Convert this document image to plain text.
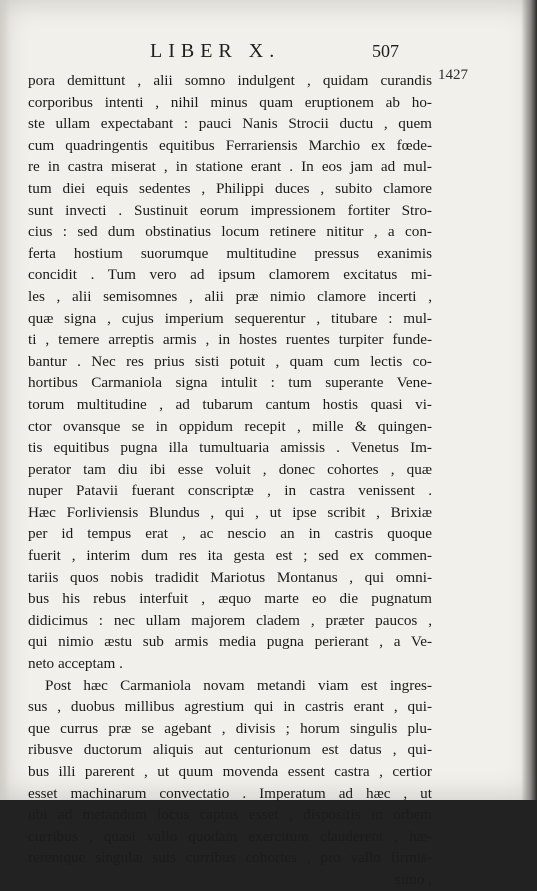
LIBER X.	507
1427
pora demittunt , alii somno indulgent , quidam curandis
corporibus intenti , nihil minus quam eruptionem ab ho-
ste ullam expectabant : pauci Nanis Strocii ductu , quem
cum quadringentis equitibus Ferrariensis Marchio ex fœde-
re in castra miserat , in statione erant . In eos jam ad mul-
tum diei equis sedentes , Philippi duces , subito clamore
sunt invecti . Sustinuit eorum impressionem fortiter Stro-
cius : sed dum obstinatius locum retinere nititur , a con-
ferta hostium suorumque multitudine pressus exanimis
concidit . Tum vero ad ipsum clamorem excitatus mi-
les , alii semisomnes , alii præ nimio clamore incerti ,
quæ signa , cujus imperium sequerentur , titubare : mul-
ti , temere arreptis armis , in hostes ruentes turpiter funde-
bantur . Nec res prius sisti potuit , quam cum lectis co-
hortibus Carmaniola signa intulit : tum superante Vene-
torum multitudine , ad tubarum cantum hostis quasi vi-
ctor ovansque se in oppidum recepit , mille & quingen-
tis equitibus pugna illa tumultuaria amissis . Venetus Im-
perator tam diu ibi esse voluit , donec cohortes , quæ
nuper Patavii fuerant conscriptæ , in castra venissent .
Hæc Forliviensis Blundus , qui , ut ipse scribit , Brixiæ
per id tempus erat , ac nescio an in castris quoque
fuerit , interim dum res ita gesta est ; sed ex commen-
tariis quos nobis tradidit Mariotus Montanus , qui omni-
bus his rebus interfuit , æquo marte eo die pugnatum
didicimus : nec ullam majorem cladem , præter paucos ,
qui nimio æstu sub armis media pugna perierant , a Ve-
neto acceptam .
Post hæc Carmaniola novam metandi viam est ingres-
sus , duobus millibus agrestium qui in castris erant , qui-
que currus præ se agebant , divisis ; horum singulis plu-
ribusve ductorum aliquis aut centurionum est datus , qui-
bus illi parerent , ut quum movenda essent castra , certior
esset machinarum convectatio . Imperatum ad hæc , ut
ubi ad metandum locus captus esset , dispositis in orbem
curribus , quasi vallo quodam exercitum clauderent , hæ-
rerentque singulæ suis curribus cohortes , pro vallo firmis-
simo ,
